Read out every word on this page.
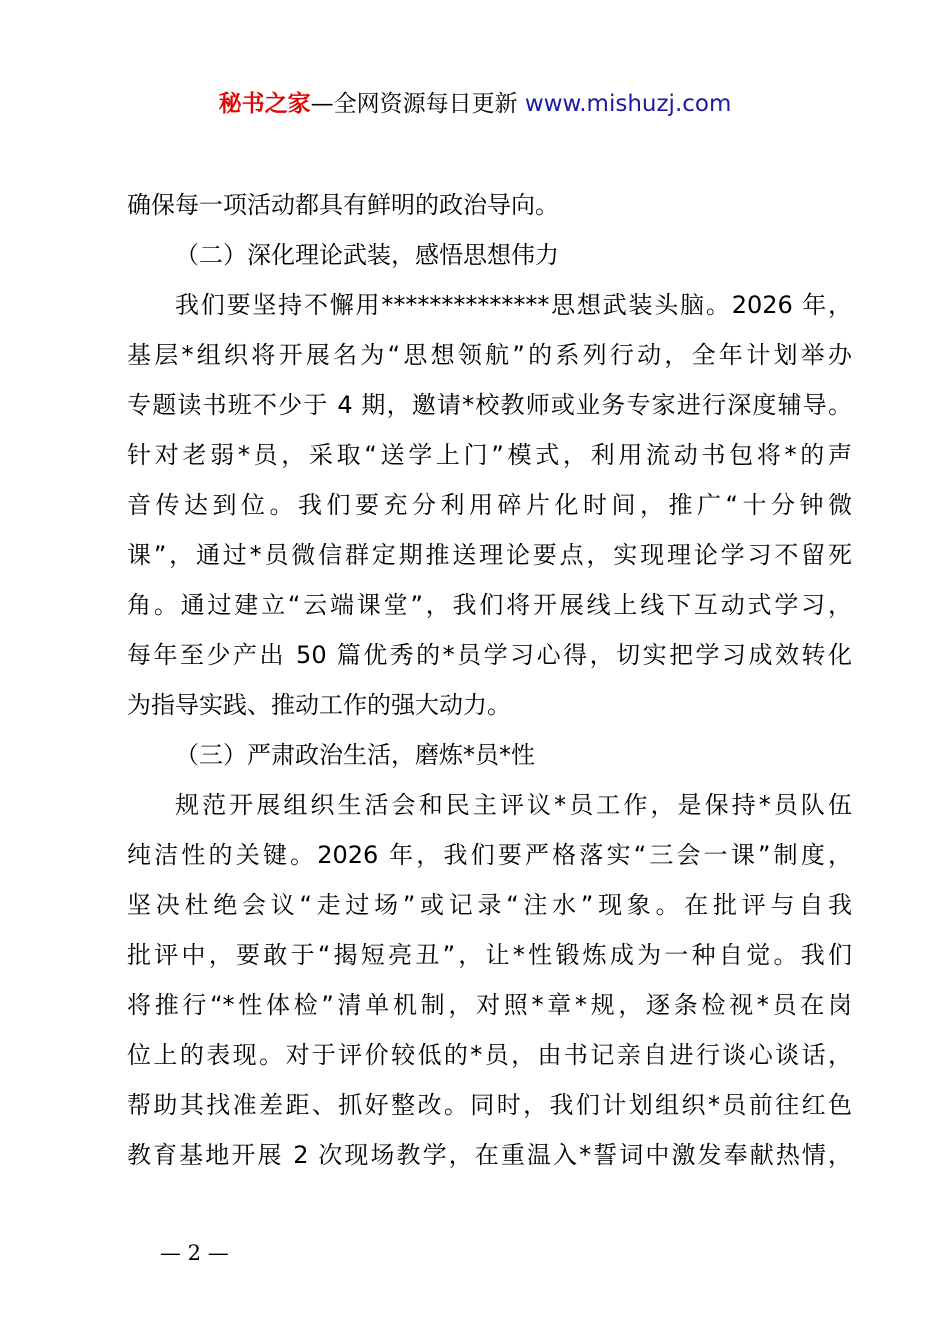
秘书之家—全网资源每日更新 www.mishuzj.com
确保每一项活动都具有鲜明的政治导向。
（二）深化理论武装，感悟思想伟力
我们要坚持不懈用**************思想武装头脑。2026 年，
基层*组织将开展名为“思想领航”的系列行动，全年计划举办
专题读书班不少于 4 期，邀请*校教师或业务专家进行深度辅导。
针对老弱*员，采取“送学上门”模式，利用流动书包将*的声
音传达到位。我们要充分利用碎片化时间，推广“十分钟微
课”，通过*员微信群定期推送理论要点，实现理论学习不留死
角。通过建立“云端课堂”，我们将开展线上线下互动式学习，
每年至少产出 50 篇优秀的*员学习心得，切实把学习成效转化
为指导实践、推动工作的强大动力。
（三）严肃政治生活，磨炼*员*性
规范开展组织生活会和民主评议*员工作，是保持*员队伍
纯洁性的关键。2026 年，我们要严格落实“三会一课”制度，
坚决杜绝会议“走过场”或记录“注水”现象。在批评与自我
批评中，要敢于“揭短亮丑”，让*性锻炼成为一种自觉。我们
将推行“*性体检”清单机制，对照*章*规，逐条检视*员在岗
位上的表现。对于评价较低的*员，由书记亲自进行谈心谈话，
帮助其找准差距、抓好整改。同时，我们计划组织*员前往红色
教育基地开展 2 次现场教学，在重温入*誓词中激发奉献热情，
— 2 —
